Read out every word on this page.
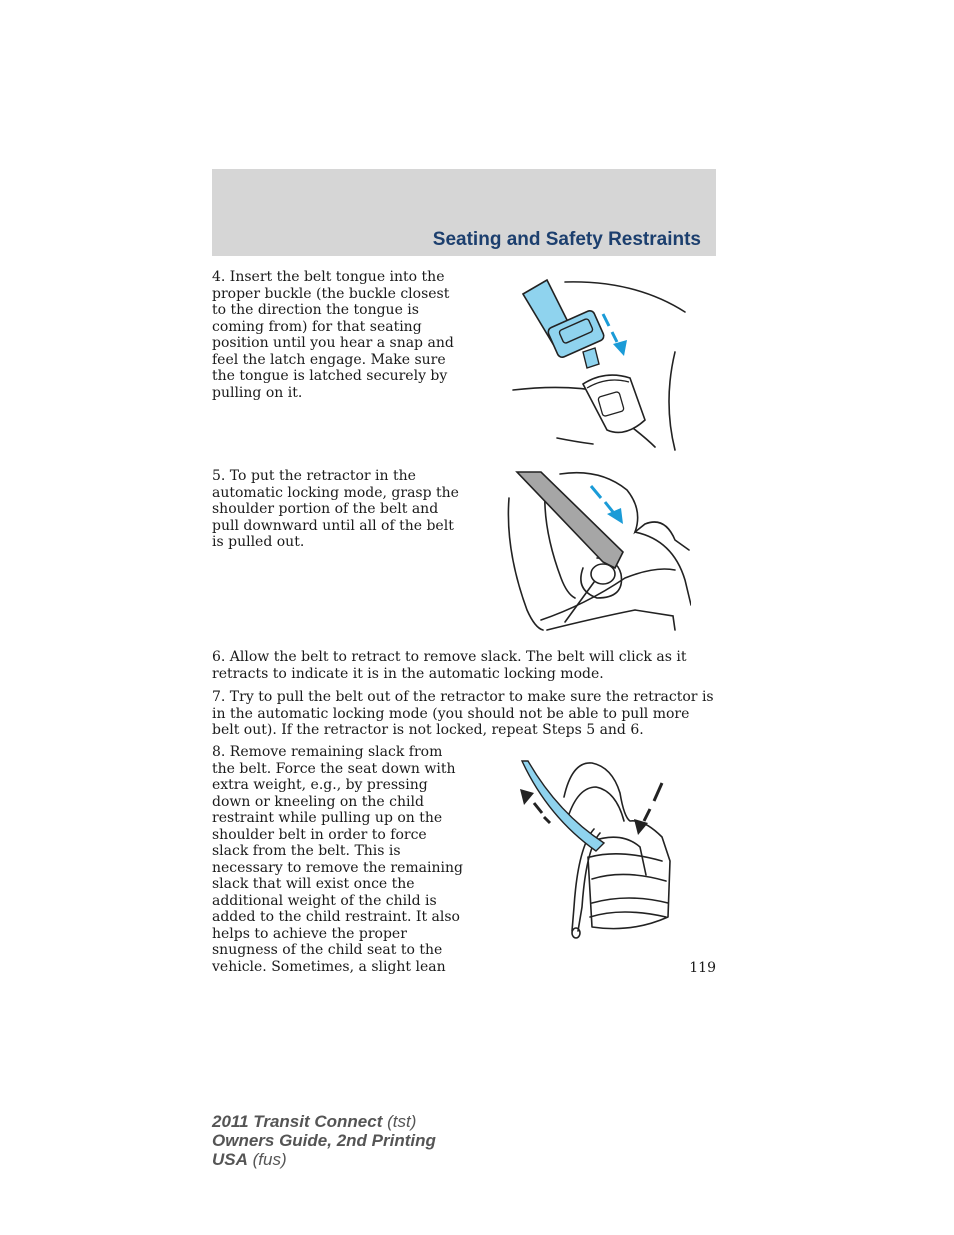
Seating and Safety Restraints

4. Insert the belt tongue into the proper buckle (the buckle closest to the direction the tongue is coming from) for that seating position until you hear a snap and feel the latch engage. Make sure the tongue is latched securely by pulling on it.

5. To put the retractor in the automatic locking mode, grasp the shoulder portion of the belt and pull downward until all of the belt is pulled out.

6. Allow the belt to retract to remove slack. The belt will click as it retracts to indicate it is in the automatic locking mode.

7. Try to pull the belt out of the retractor to make sure the retractor is in the automatic locking mode (you should not be able to pull more belt out). If the retractor is not locked, repeat Steps 5 and 6.

8. Remove remaining slack from the belt. Force the seat down with extra weight, e.g., by pressing down or kneeling on the child restraint while pulling up on the shoulder belt in order to force slack from the belt. This is necessary to remove the remaining slack that will exist once the additional weight of the child is added to the child restraint. It also helps to achieve the proper snugness of the child seat to the vehicle. Sometimes, a slight lean	119
2011 Transit Connect (tst)
Owners Guide, 2nd Printing
USA (fus)
